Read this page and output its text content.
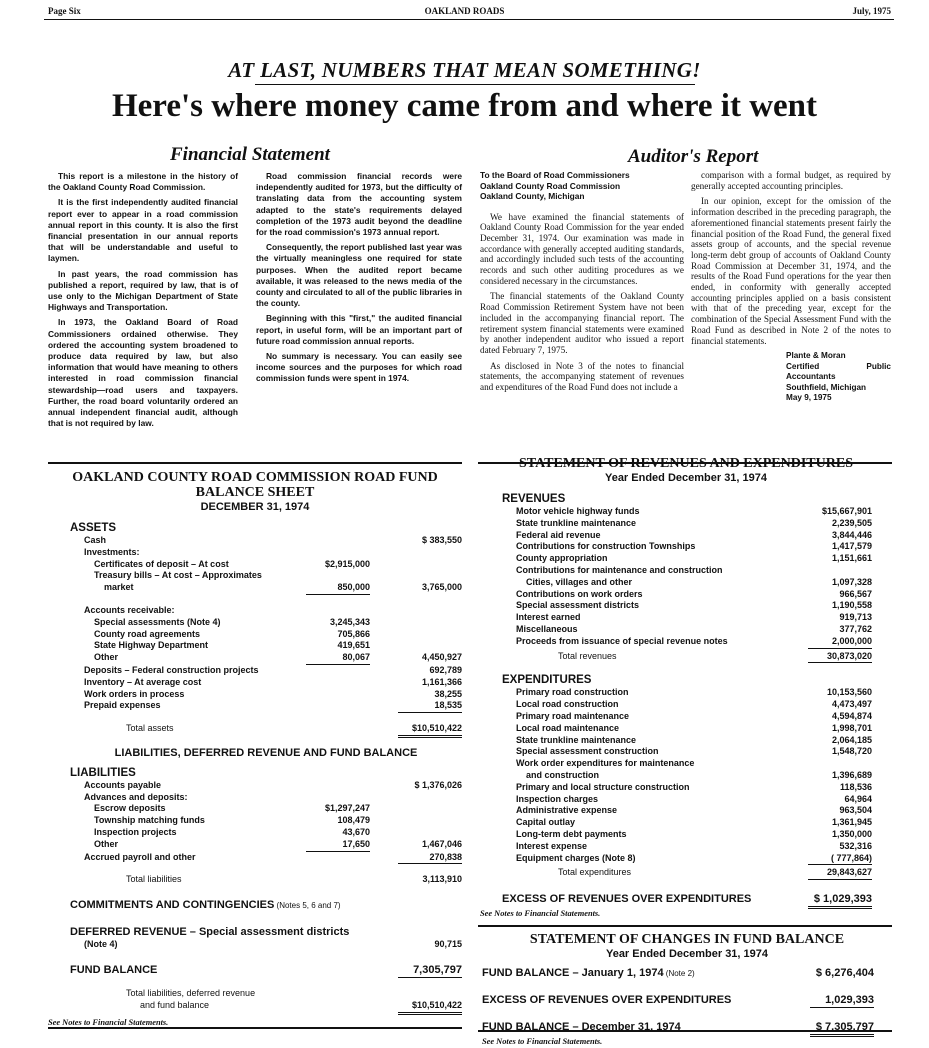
Page Six	OAKLAND ROADS	July, 1975
AT LAST, NUMBERS THAT MEAN SOMETHING!
Here's where money came from and where it went
Financial Statement	Auditor's Report

This report is a milestone in the history of the Oakland County Road Commission.

It is the first independently audited financial report ever to appear in a road commission annual report in this county. It is also the first financial presentation in our annual reports that will be understandable and useful to laymen.

In past years, the road commission has published a report, required by law, that is of use only to the Michigan Department of State Highways and Transportation.

In 1973, the Oakland Board of Road Commissioners ordained otherwise. They ordered the accounting system broadened to produce data required by law, but also information that would have meaning to others interested in road commission financial stewardship—road users and taxpayers. Further, the road board voluntarily ordered an annual independent financial audit, although that is not required by law.

Road commission financial records were independently audited for 1973, but the difficulty of translating data from the accounting system adapted to the state's requirements delayed completion of the 1973 audit beyond the deadline for the road commission's 1973 annual report.

Consequently, the report published last year was the virtually meaningless one required for state purposes. When the audited report became available, it was released to the news media of the county and circulated to all of the public libraries in the county.

Beginning with this "first," the audited financial report, in useful form, will be an important part of future road commission annual reports.

No summary is necessary. You can easily see income sources and the purposes for which road commission funds were spent in 1974.

To the Board of Road Commissioners
Oakland County Road Commission
Oakland County, Michigan

We have examined the financial statements of Oakland County Road Commission for the year ended December 31, 1974. Our examination was made in accordance with generally accepted auditing standards, and accordingly included such tests of the accounting records and such other auditing procedures as we considered necessary in the circumstances.

The financial statements of the Oakland County Road Commission Retirement System have not been included in the accompanying financial report. The retirement system financial statements were examined by another independent auditor who issued a report dated February 7, 1975.

As disclosed in Note 3 of the notes to financial statements, the accompanying statement of revenues and expenditures of the Road Fund does not include a

comparison with a formal budget, as required by generally accepted accounting principles.

In our opinion, except for the omission of the information described in the preceding paragraph, the aforementioned financial statements present fairly the financial position of the Road Fund, the general fixed assets group of accounts, and the special revenue long-term debt group of accounts of Oakland County Road Commission at December 31, 1974, and the results of the Road Fund operations for the year then ended, in conformity with generally accepted accounting principles applied on a basis consistent with that of the preceding year, except for the combination of the Special Assessment Fund with the Road Fund as described in Note 2 of the notes to financial statements.

Plante & Moran
Certified Public Accountants
Southfield, Michigan
May 9, 1975
OAKLAND COUNTY ROAD COMMISSION ROAD FUND
BALANCE SHEET
DECEMBER 31, 1974
ASSETS
Cash	$ 383,550
Investments:
Certificates of deposit – At cost	$2,915,000
Treasury bills – At cost – Approximates
market	850,000	3,765,000
Accounts receivable:
Special assessments (Note 4)	3,245,343
County road agreements	705,866
State Highway Department	419,651
Other	80,067	4,450,927
Deposits – Federal construction projects	692,789
Inventory – At average cost	1,161,366
Work orders in process	38,255
Prepaid expenses	18,535
Total assets	$10,510,422
LIABILITIES, DEFERRED REVENUE AND FUND BALANCE
LIABILITIES
Accounts payable	$ 1,376,026
Advances and deposits:
Escrow deposits	$1,297,247
Township matching funds	108,479
Inspection projects	43,670
Other	17,650	1,467,046
Accrued payroll and other	270,838
Total liabilities	3,113,910
COMMITMENTS AND CONTINGENCIES (Notes 5, 6 and 7)
DEFERRED REVENUE – Special assessment districts
(Note 4)	90,715
FUND BALANCE	7,305,797
Total liabilities, deferred revenue
and fund balance	$10,510,422
See Notes to Financial Statements.
STATEMENT OF REVENUES AND EXPENDITURES
Year Ended December 31, 1974
REVENUES
Motor vehicle highway funds	$15,667,901
State trunkline maintenance	2,239,505
Federal aid revenue	3,844,446
Contributions for construction Townships	1,417,579
County appropriation	1,151,661
Contributions for maintenance and construction
Cities, villages and other	1,097,328
Contributions on work orders	966,567
Special assessment districts	1,190,558
Interest earned	919,713
Miscellaneous	377,762
Proceeds from issuance of special revenue notes	2,000,000
Total revenues	30,873,020
EXPENDITURES
Primary road construction	10,153,560
Local road construction	4,473,497
Primary road maintenance	4,594,874
Local road maintenance	1,998,701
State trunkline maintenance	2,064,185
Special assessment construction	1,548,720
Work order expenditures for maintenance
and construction	1,396,689
Primary and local structure construction	118,536
Inspection charges	64,964
Administrative expense	963,504
Capital outlay	1,361,945
Long-term debt payments	1,350,000
Interest expense	532,316
Equipment charges (Note 8)	( 777,864)
Total expenditures	29,843,627
EXCESS OF REVENUES OVER EXPENDITURES	$ 1,029,393
See Notes to Financial Statements.
STATEMENT OF CHANGES IN FUND BALANCE
Year Ended December 31, 1974
FUND BALANCE – January 1, 1974 (Note 2)	$ 6,276,404
EXCESS OF REVENUES OVER EXPENDITURES	1,029,393
FUND BALANCE – December 31, 1974	$ 7,305,797
See Notes to Financial Statements.
